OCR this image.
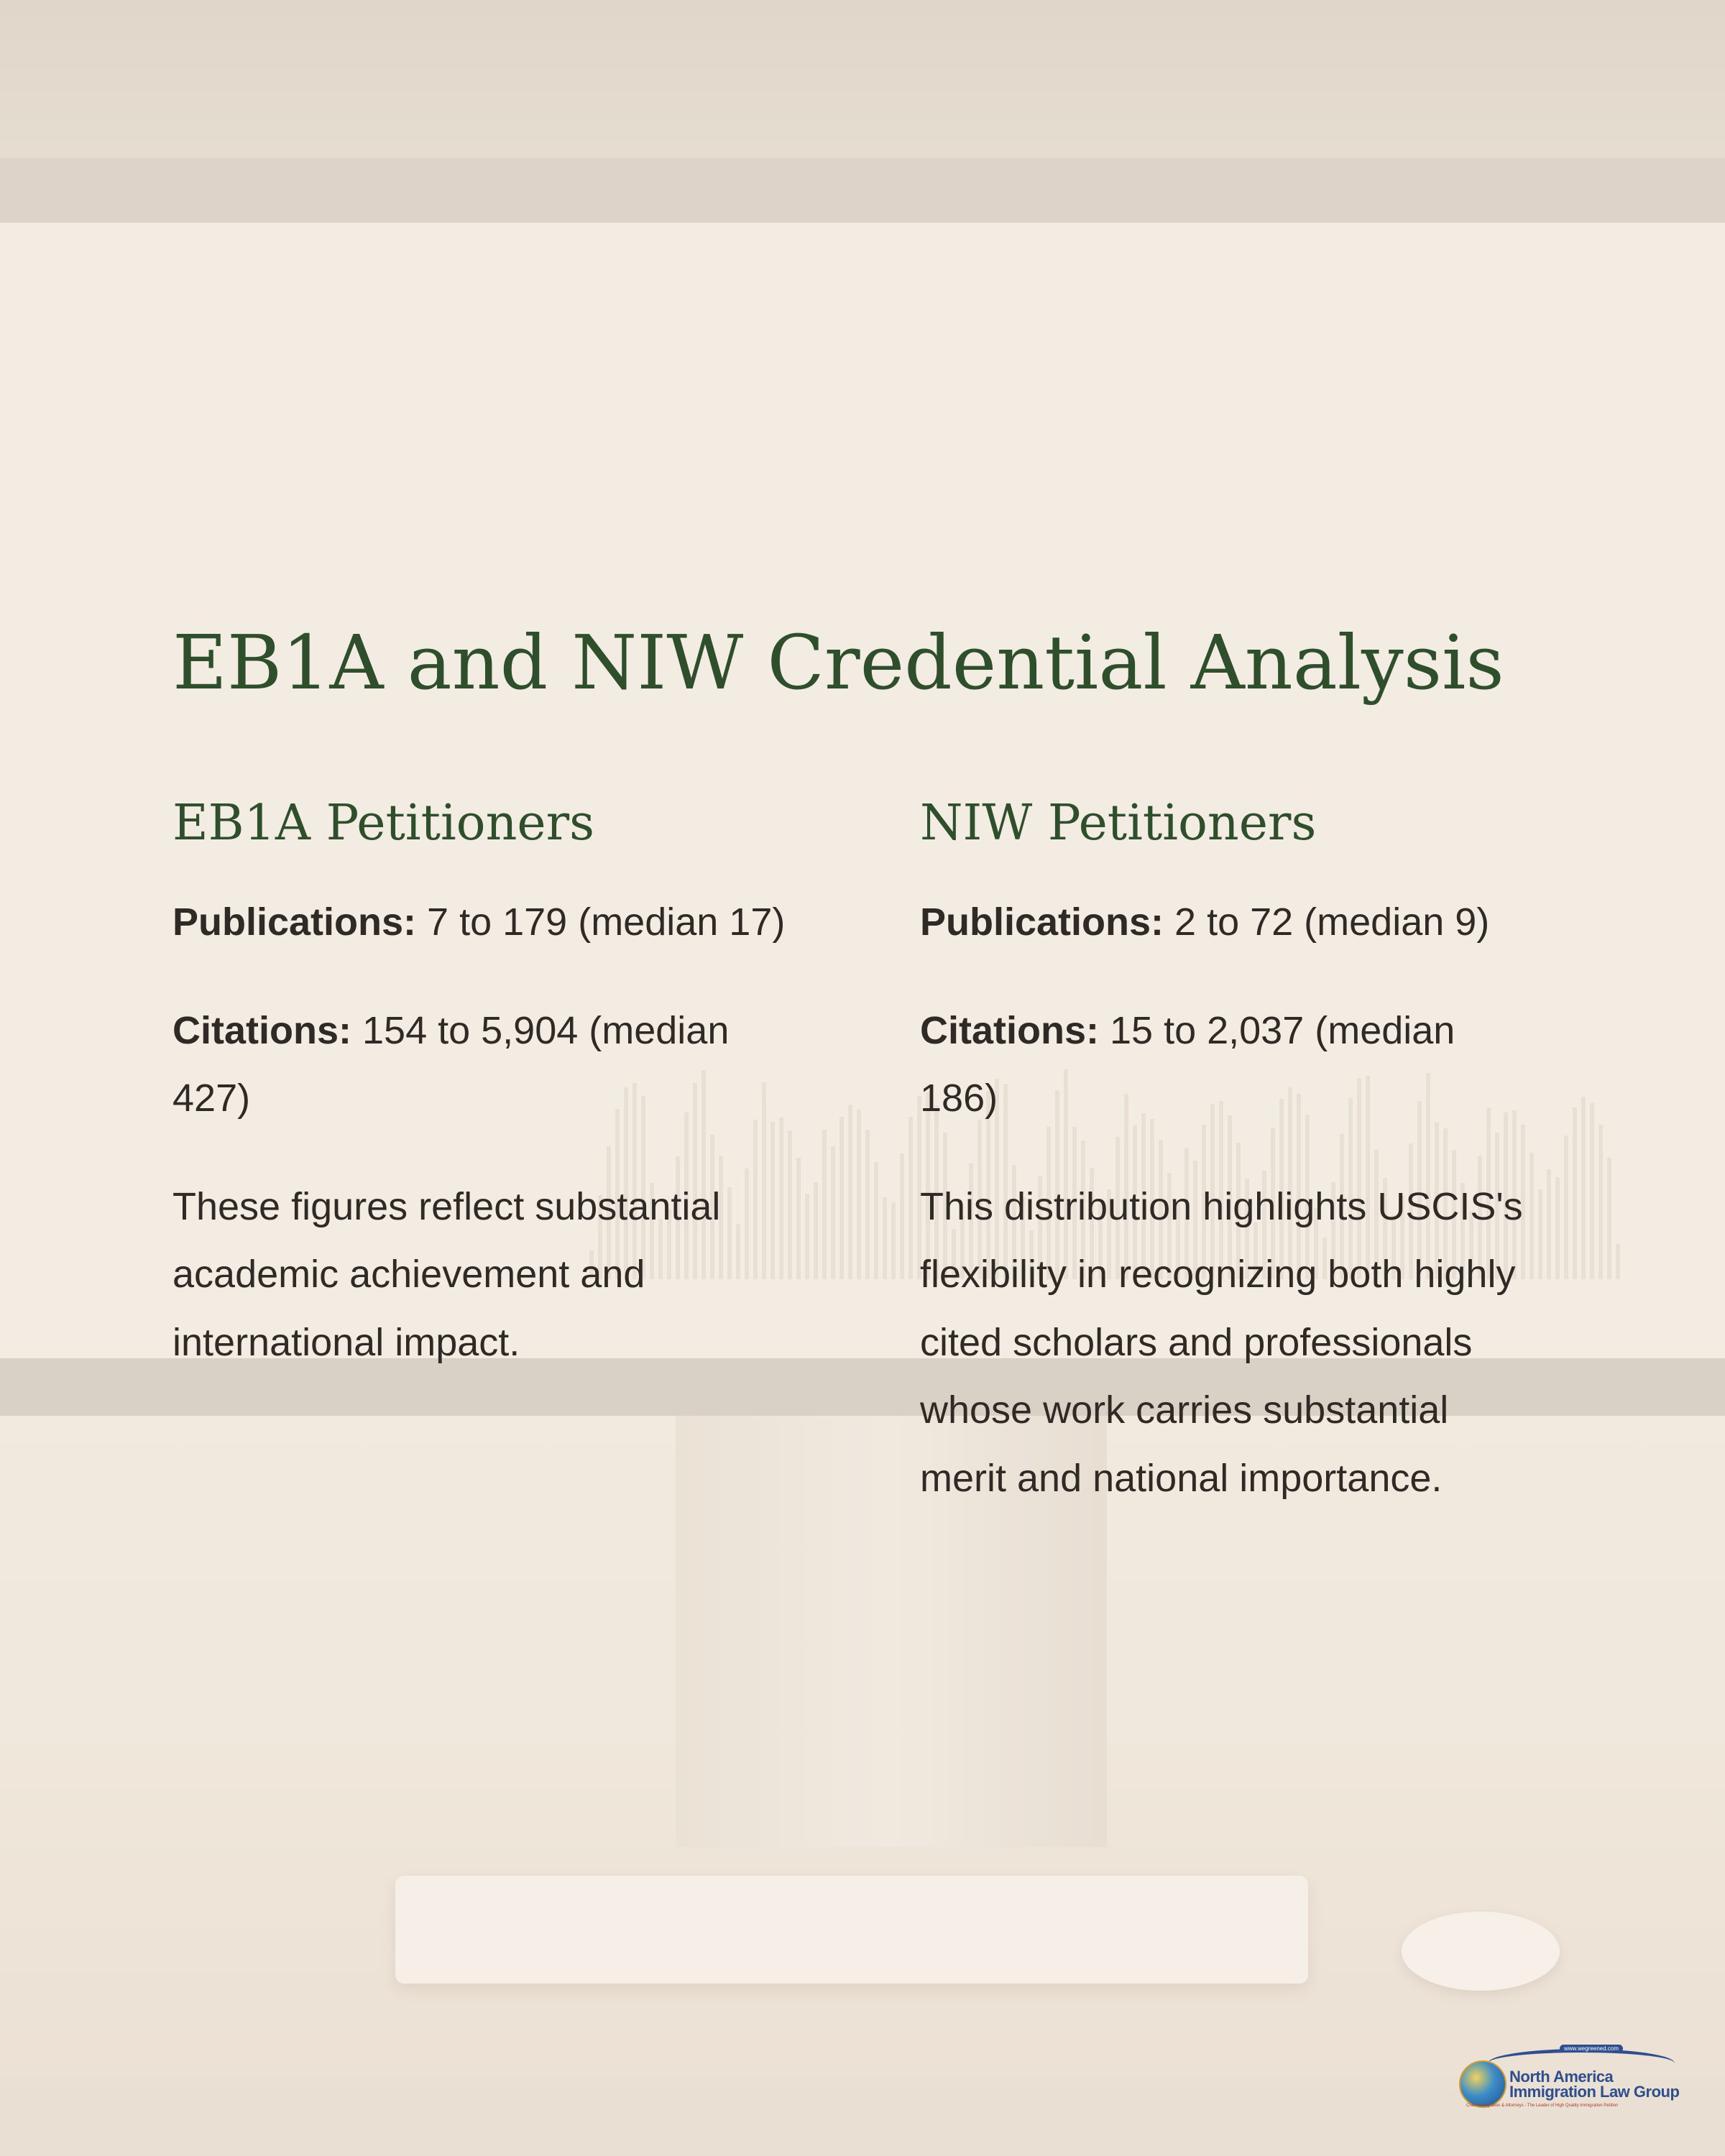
EB1A and NIW Credential Analysis
EB1A Petitioners

Publications: 7 to 179 (median 17)

Citations: 154 to 5,904 (median 427)

These figures reflect substantial academic achievement and international impact.

NIW Petitioners

Publications: 2 to 72 (median 9)

Citations: 15 to 2,037 (median 186)

This distribution highlights USCIS's flexibility in recognizing both highly cited scholars and professionals whose work carries substantial merit and national importance.

www.wegreened.com
North America
Immigration Law Group
Chen Immigration & Attorneys - The Leader of High Quality Immigration Petition
